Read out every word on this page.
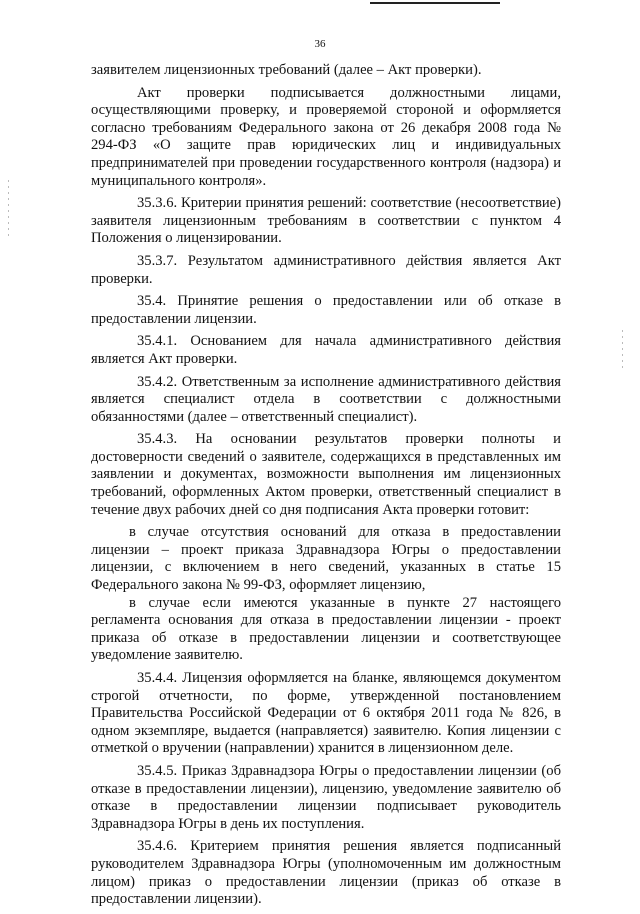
36

заявителем лицензионных требований (далее – Акт проверки).

Акт проверки подписывается должностными лицами, осуществляющими проверку, и проверяемой стороной и оформляется согласно требованиям Федерального закона от 26 декабря 2008 года № 294-ФЗ «О защите прав юридических лиц и индивидуальных предпринимателей при проведении государственного контроля (надзора) и муниципального контроля».

35.3.6. Критерии принятия решений: соответствие (несоответствие) заявителя лицензионным требованиям в соответствии с пунктом 4 Положения о лицензировании.

35.3.7. Результатом административного действия является Акт проверки.

35.4. Принятие решения о предоставлении или об отказе в предоставлении лицензии.

35.4.1. Основанием для начала административного действия является Акт проверки.

35.4.2. Ответственным за исполнение административного действия является специалист отдела в соответствии с должностными обязанностями (далее – ответственный специалист).

35.4.3. На основании результатов проверки полноты и достоверности сведений о заявителе, содержащихся в представленных им заявлении и документах, возможности выполнения им лицензионных требований, оформленных Актом проверки, ответственный специалист в течение двух рабочих дней со дня подписания Акта проверки готовит:

в случае отсутствия оснований для отказа в предоставлении лицензии – проект приказа Здравнадзора Югры о предоставлении лицензии, с включением в него сведений, указанных в статье 15 Федерального закона № 99-ФЗ, оформляет лицензию,

в случае если имеются указанные в пункте 27 настоящего регламента основания для отказа в предоставлении лицензии - проект приказа об отказе в предоставлении лицензии и соответствующее уведомление заявителю.

35.4.4. Лицензия оформляется на бланке, являющемся документом строгой отчетности, по форме, утвержденной постановлением Правительства Российской Федерации от 6 октября 2011 года № 826, в одном экземпляре, выдается (направляется) заявителю. Копия лицензии с отметкой о вручении (направлении) хранится в лицензионном деле.

35.4.5. Приказ Здравнадзора Югры о предоставлении лицензии (об отказе в предоставлении лицензии), лицензию, уведомление заявителю об отказе в предоставлении лицензии подписывает руководитель Здравнадзора Югры в день их поступления.

35.4.6. Критерием принятия решения является подписанный руководителем Здравнадзора Югры (уполномоченным им должностным лицом) приказ о предоставлении лицензии (приказ об отказе в предоставлении лицензии).
